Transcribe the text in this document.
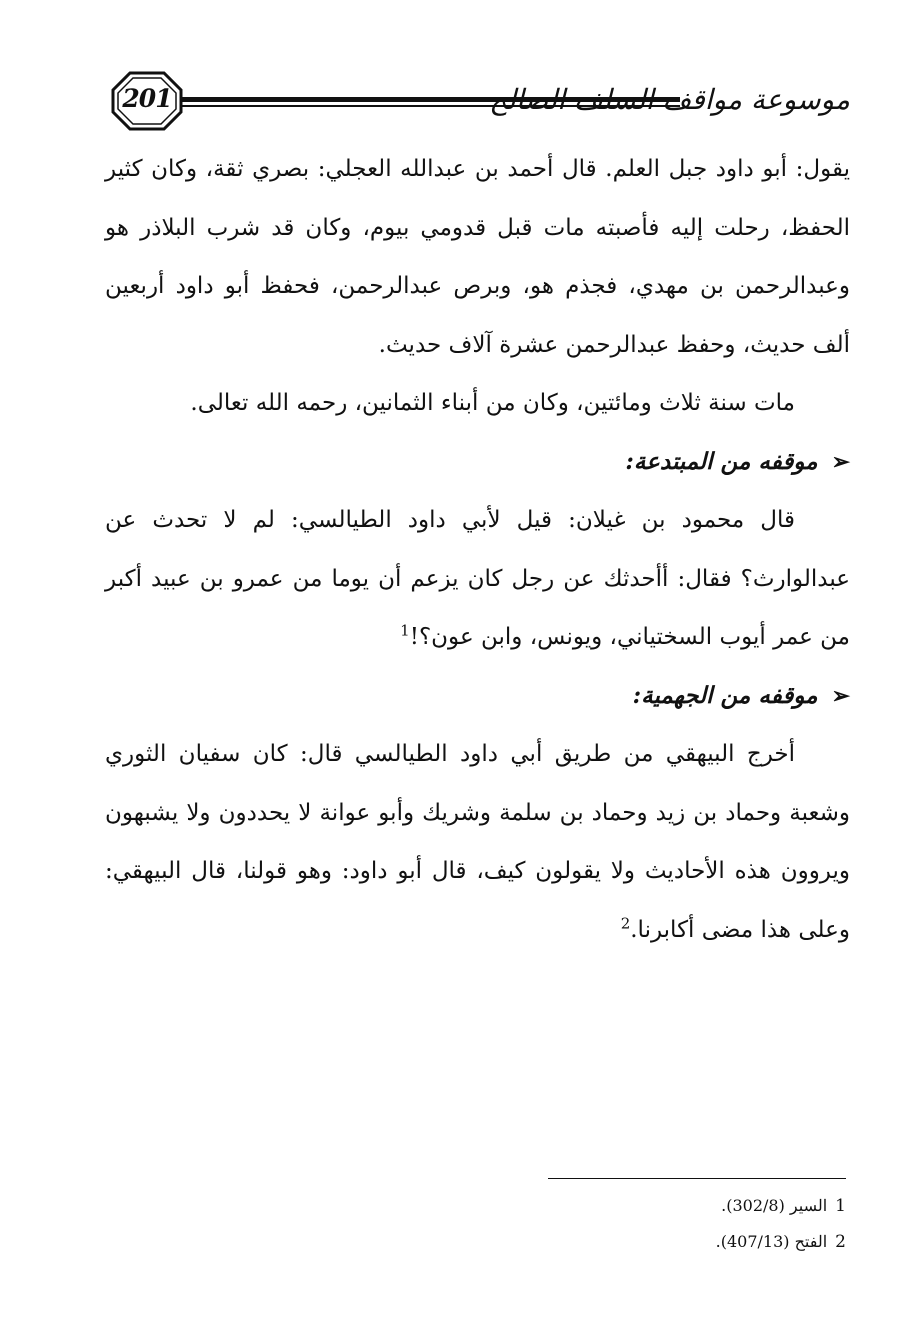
201	موسوعة مواقف السلف الصالح

يقول: أبو داود جبل العلم. قال أحمد بن عبدالله العجلي: بصري ثقة، وكان كثير الحفظ، رحلت إليه فأصبته مات قبل قدومي بيوم، وكان قد شرب البلاذر هو وعبدالرحمن بن مهدي، فجذم هو، وبرص عبدالرحمن، فحفظ أبو داود أربعين ألف حديث، وحفظ عبدالرحمن عشرة آلاف حديث.

مات سنة ثلاث ومائتين، وكان من أبناء الثمانين، رحمه الله تعالى.

➢موقفه من المبتدعة:

قال محمود بن غيلان: قيل لأبي داود الطيالسي: لم لا تحدث عن عبدالوارث؟ فقال: أأحدثك عن رجل كان يزعم أن يوما من عمرو بن عبيد أكبر من عمر أيوب السختياني، ويونس، وابن عون؟!$^1$

➢موقفه من الجهمية:

أخرج البيهقي من طريق أبي داود الطيالسي قال: كان سفيان الثوري وشعبة وحماد بن زيد وحماد بن سلمة وشريك وأبو عوانة لا يحددون ولا يشبهون ويروون هذه الأحاديث ولا يقولون كيف، قال أبو داود: وهو قولنا، قال البيهقي: وعلى هذا مضى أكابرنا.$^2$

1السير (302/8).

2الفتح (407/13).
